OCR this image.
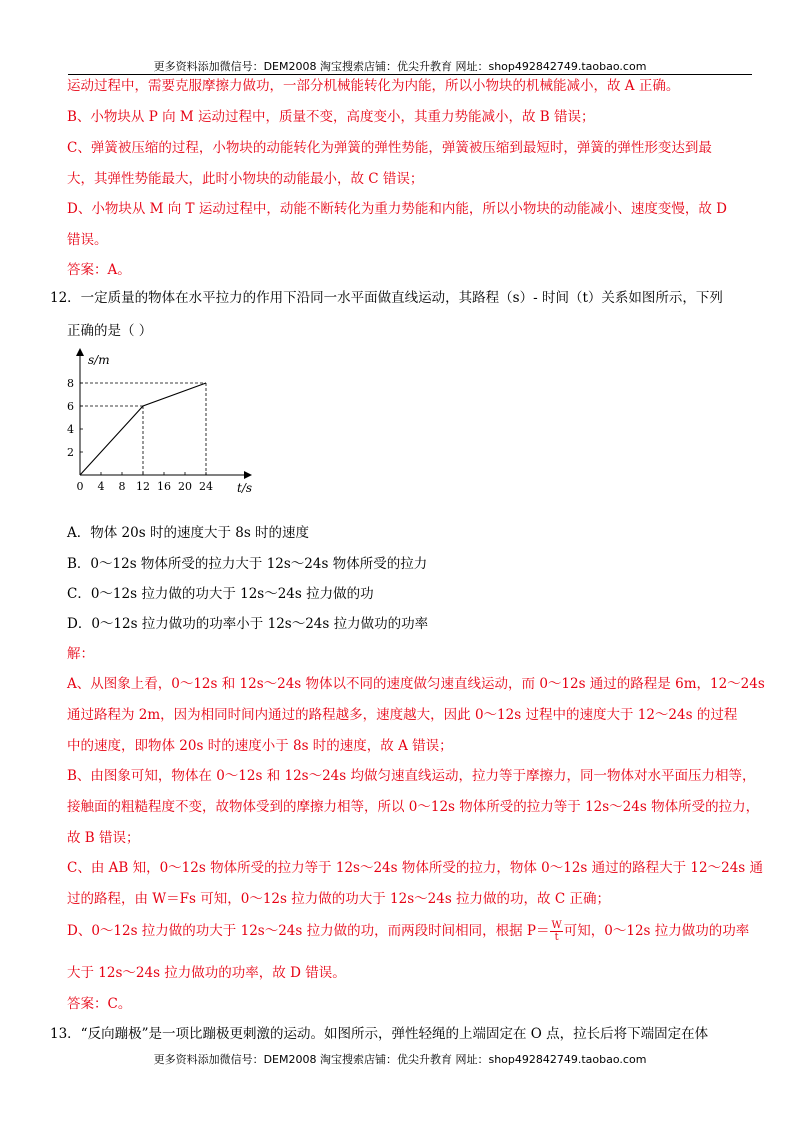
更多资料添加微信号：DEM2008 淘宝搜索店铺：优尖升教育 网址：shop492842749.taobao.com
运动过程中，需要克服摩擦力做功，一部分机械能转化为内能，所以小物块的机械能减小，故 A 正确。
B、小物块从 P 向 M 运动过程中，质量不变，高度变小，其重力势能减小，故 B 错误；
C、弹簧被压缩的过程，小物块的动能转化为弹簧的弹性势能，弹簧被压缩到最短时，弹簧的弹性形变达到最
大，其弹性势能最大，此时小物块的动能最小，故 C 错误；
D、小物块从 M 向 T 运动过程中，动能不断转化为重力势能和内能，所以小物块的动能减小、速度变慢，故 D
错误。
答案：A。
12．一定质量的物体在水平拉力的作用下沿同一水平面做直线运动，其路程（s）- 时间（t）关系如图所示，下列
正确的是（ ）
0 4 8 12 16 20 24
2
4
6
8
s/m
t/s
A．物体 20s 时的速度大于 8s 时的速度
B．0～12s 物体所受的拉力大于 12s～24s 物体所受的拉力
C．0～12s 拉力做的功大于 12s～24s 拉力做的功
D．0～12s 拉力做功的功率小于 12s～24s 拉力做功的功率
解：
A、从图象上看，0～12s 和 12s～24s 物体以不同的速度做匀速直线运动，而 0～12s 通过的路程是 6m，12～24s
通过路程为 2m，因为相同时间内通过的路程越多，速度越大，因此 0～12s 过程中的速度大于 12～24s 的过程
中的速度，即物体 20s 时的速度小于 8s 时的速度，故 A 错误；
B、由图象可知，物体在 0～12s 和 12s～24s 均做匀速直线运动，拉力等于摩擦力，同一物体对水平面压力相等，
接触面的粗糙程度不变，故物体受到的摩擦力相等，所以 0～12s 物体所受的拉力等于 12s～24s 物体所受的拉力，
故 B 错误；
C、由 AB 知，0～12s 物体所受的拉力等于 12s～24s 物体所受的拉力，物体 0～12s 通过的路程大于 12～24s 通
过的路程，由 W＝Fs 可知，0～12s 拉力做的功大于 12s～24s 拉力做的功，故 C 正确；
D、0～12s 拉力做的功大于 12s～24s 拉力做的功，而两段时间相同，根据 $P= \frac{W}{t}$ 可知，0～12s 拉力做功的功率
大于 12s～24s 拉力做功的功率，故 D 错误。
答案：C。
13．“反向蹦极”是一项比蹦极更刺激的运动。如图所示，弹性轻绳的上端固定在 O 点，拉长后将下端固定在体
更多资料添加微信号：DEM2008 淘宝搜索店铺：优尖升教育 网址：shop492842749.taobao.com
